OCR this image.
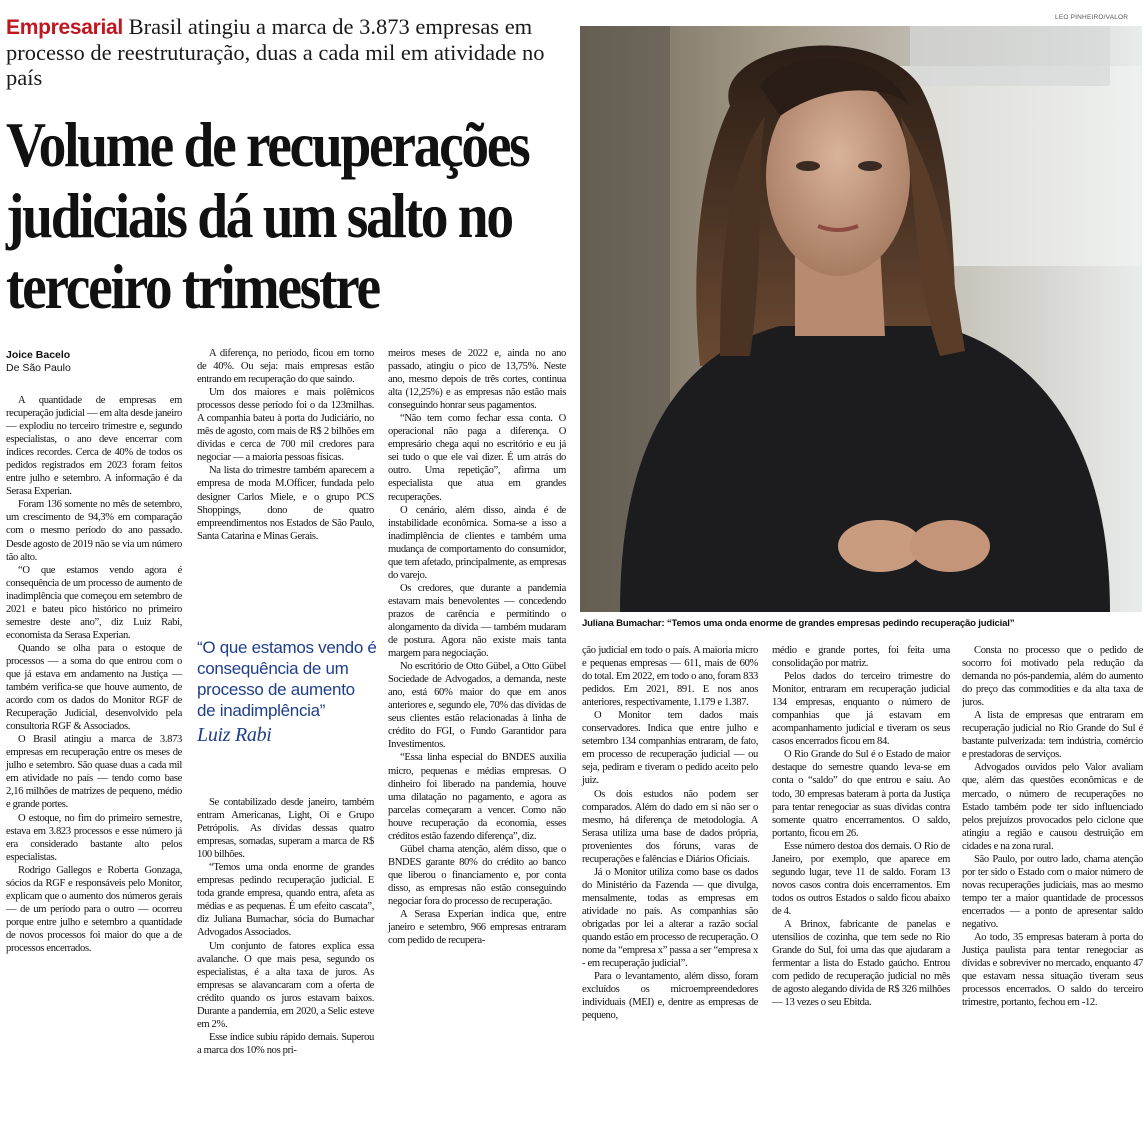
Empresarial Brasil atingiu a marca de 3.873 empresas em processo de reestruturação, duas a cada mil em atividade no país
Volume de recuperações judiciais dá um salto no terceiro trimestre
Joice Bacelo
De São Paulo
LEO PINHEIRO/VALOR
Juliana Bumachar: “Temos uma onda enorme de grandes empresas pedindo recuperação judicial”
“O que estamos vendo é consequência de um processo de aumento de inadimplência”
Luiz Rabi

A quantidade de empresas em recuperação judicial — em alta desde janeiro — explodiu no terceiro trimestre e, segundo especialistas, o ano deve encerrar com índices recordes. Cerca de 40% de todos os pedidos registrados em 2023 foram feitos entre julho e setembro. A informação é da Serasa Experian.

Foram 136 somente no mês de setembro, um crescimento de 94,3% em comparação com o mesmo período do ano passado. Desde agosto de 2019 não se via um número tão alto.

“O que estamos vendo agora é consequência de um processo de aumento de inadimplência que começou em setembro de 2021 e bateu pico histórico no primeiro semestre deste ano”, diz Luiz Rabi, economista da Serasa Experian.

Quando se olha para o estoque de processos — a soma do que entrou com o que já estava em andamento na Justiça — também verifica-se que houve aumento, de acordo com os dados do Monitor RGF de Recuperação Judicial, desenvolvido pela consultoria RGF & Associados.

O Brasil atingiu a marca de 3.873 empresas em recuperação entre os meses de julho e setembro. São quase duas a cada mil em atividade no país — tendo como base 2,16 milhões de matrizes de pequeno, médio e grande portes.

O estoque, no fim do primeiro semestre, estava em 3.823 processos e esse número já era considerado bastante alto pelos especialistas.

Rodrigo Gallegos e Roberta Gonzaga, sócios da RGF e responsáveis pelo Monitor, explicam que o aumento dos números gerais — de um período para o outro — ocorreu porque entre julho e setembro a quantidade de novos processos foi maior do que a de processos encerrados.

A diferença, no período, ficou em torno de 40%. Ou seja: mais empresas estão entrando em recuperação do que saindo.

Um dos maiores e mais polêmicos processos desse período foi o da 123milhas. A companhia bateu à porta do Judiciário, no mês de agosto, com mais de R$ 2 bilhões em dívidas e cerca de 700 mil credores para negociar — a maioria pessoas físicas.

Na lista do trimestre também aparecem a empresa de moda M.Officer, fundada pelo designer Carlos Miele, e o grupo PCS Shoppings, dono de quatro empreendimentos nos Estados de São Paulo, Santa Catarina e Minas Gerais.

Se contabilizado desde janeiro, também entram Americanas, Light, Oi e Grupo Petrópolis. As dívidas dessas quatro empresas, somadas, superam a marca de R$ 100 bilhões.

“Temos uma onda enorme de grandes empresas pedindo recuperação judicial. E toda grande empresa, quando entra, afeta as médias e as pequenas. É um efeito cascata”, diz Juliana Bumachar, sócia do Bumachar Advogados Associados.

Um conjunto de fatores explica essa avalanche. O que mais pesa, segundo os especialistas, é a alta taxa de juros. As empresas se alavancaram com a oferta de crédito quando os juros estavam baixos. Durante a pandemia, em 2020, a Selic esteve em 2%.

Esse índice subiu rápido demais. Superou a marca dos 10% nos pri-

meiros meses de 2022 e, ainda no ano passado, atingiu o pico de 13,75%. Neste ano, mesmo depois de três cortes, continua alta (12,25%) e as empresas não estão mais conseguindo honrar seus pagamentos.

“Não tem como fechar essa conta. O operacional não paga a diferença. O empresário chega aqui no escritório e eu já sei tudo o que ele vai dizer. É um atrás do outro. Uma repetição”, afirma um especialista que atua em grandes recuperações.

O cenário, além disso, ainda é de instabilidade econômica. Soma-se a isso a inadimplência de clientes e também uma mudança de comportamento do consumidor, que tem afetado, principalmente, as empresas do varejo.

Os credores, que durante a pandemia estavam mais benevolentes — concedendo prazos de carência e permitindo o alongamento da dívida — também mudaram de postura. Agora não existe mais tanta margem para negociação.

No escritório de Otto Gübel, a Otto Gübel Sociedade de Advogados, a demanda, neste ano, está 60% maior do que em anos anteriores e, segundo ele, 70% das dívidas de seus clientes estão relacionadas à linha de crédito do FGI, o Fundo Garantidor para Investimentos.

“Essa linha especial do BNDES auxilia micro, pequenas e médias empresas. O dinheiro foi liberado na pandemia, houve uma dilatação no pagamento, e agora as parcelas começaram a vencer. Como não houve recuperação da economia, esses créditos estão fazendo diferença”, diz.

Gübel chama atenção, além disso, que o BNDES garante 80% do crédito ao banco que liberou o financiamento e, por conta disso, as empresas não estão conseguindo negociar fora do processo de recuperação.

A Serasa Experian indica que, entre janeiro e setembro, 966 empresas entraram com pedido de recupera-

ção judicial em todo o país. A maioria micro e pequenas empresas — 611, mais de 60% do total. Em 2022, em todo o ano, foram 833 pedidos. Em 2021, 891. E nos anos anteriores, respectivamente, 1.179 e 1.387.

O Monitor tem dados mais conservadores. Indica que entre julho e setembro 134 companhias entraram, de fato, em processo de recuperação judicial — ou seja, pediram e tiveram o pedido aceito pelo juiz.

Os dois estudos não podem ser comparados. Além do dado em si não ser o mesmo, há diferença de metodologia. A Serasa utiliza uma base de dados própria, provenientes dos fóruns, varas de recuperações e falências e Diários Oficiais.

Já o Monitor utiliza como base os dados do Ministério da Fazenda — que divulga, mensalmente, todas as empresas em atividade no país. As companhias são obrigadas por lei a alterar a razão social quando estão em processo de recuperação. O nome da “empresa x” passa a ser “empresa x - em recuperação judicial”.

Para o levantamento, além disso, foram excluídos os microempreendedores individuais (MEI) e, dentre as empresas de pequeno,

médio e grande portes, foi feita uma consolidação por matriz.

Pelos dados do terceiro trimestre do Monitor, entraram em recuperação judicial 134 empresas, enquanto o número de companhias que já estavam em acompanhamento judicial e tiveram os seus casos encerrados ficou em 84.

O Rio Grande do Sul é o Estado de maior destaque do semestre quando leva-se em conta o “saldo” do que entrou e saiu. Ao todo, 30 empresas bateram à porta da Justiça para tentar renegociar as suas dívidas contra somente quatro encerramentos. O saldo, portanto, ficou em 26.

Esse número destoa dos demais. O Rio de Janeiro, por exemplo, que aparece em segundo lugar, teve 11 de saldo. Foram 13 novos casos contra dois encerramentos. Em todos os outros Estados o saldo ficou abaixo de 4.

A Brinox, fabricante de panelas e utensílios de cozinha, que tem sede no Rio Grande do Sul, foi uma das que ajudaram a fermentar a lista do Estado gaúcho. Entrou com pedido de recuperação judicial no mês de agosto alegando dívida de R$ 326 milhões — 13 vezes o seu Ebitda.

Consta no processo que o pedido de socorro foi motivado pela redução da demanda no pós-pandemia, além do aumento do preço das commodities e da alta taxa de juros.

A lista de empresas que entraram em recuperação judicial no Rio Grande do Sul é bastante pulverizada: tem indústria, comércio e prestadoras de serviços.

Advogados ouvidos pelo Valor avaliam que, além das questões econômicas e de mercado, o número de recuperações no Estado também pode ter sido influenciado pelos prejuízos provocados pelo ciclone que atingiu a região e causou destruição em cidades e na zona rural.

São Paulo, por outro lado, chama atenção por ter sido o Estado com o maior número de novas recuperações judiciais, mas ao mesmo tempo ter a maior quantidade de processos encerrados — a ponto de apresentar saldo negativo.

Ao todo, 35 empresas bateram à porta do Justiça paulista para tentar renegociar as dívidas e sobreviver no mercado, enquanto 47 que estavam nessa situação tiveram seus processos encerrados. O saldo do terceiro trimestre, portanto, fechou em -12.
